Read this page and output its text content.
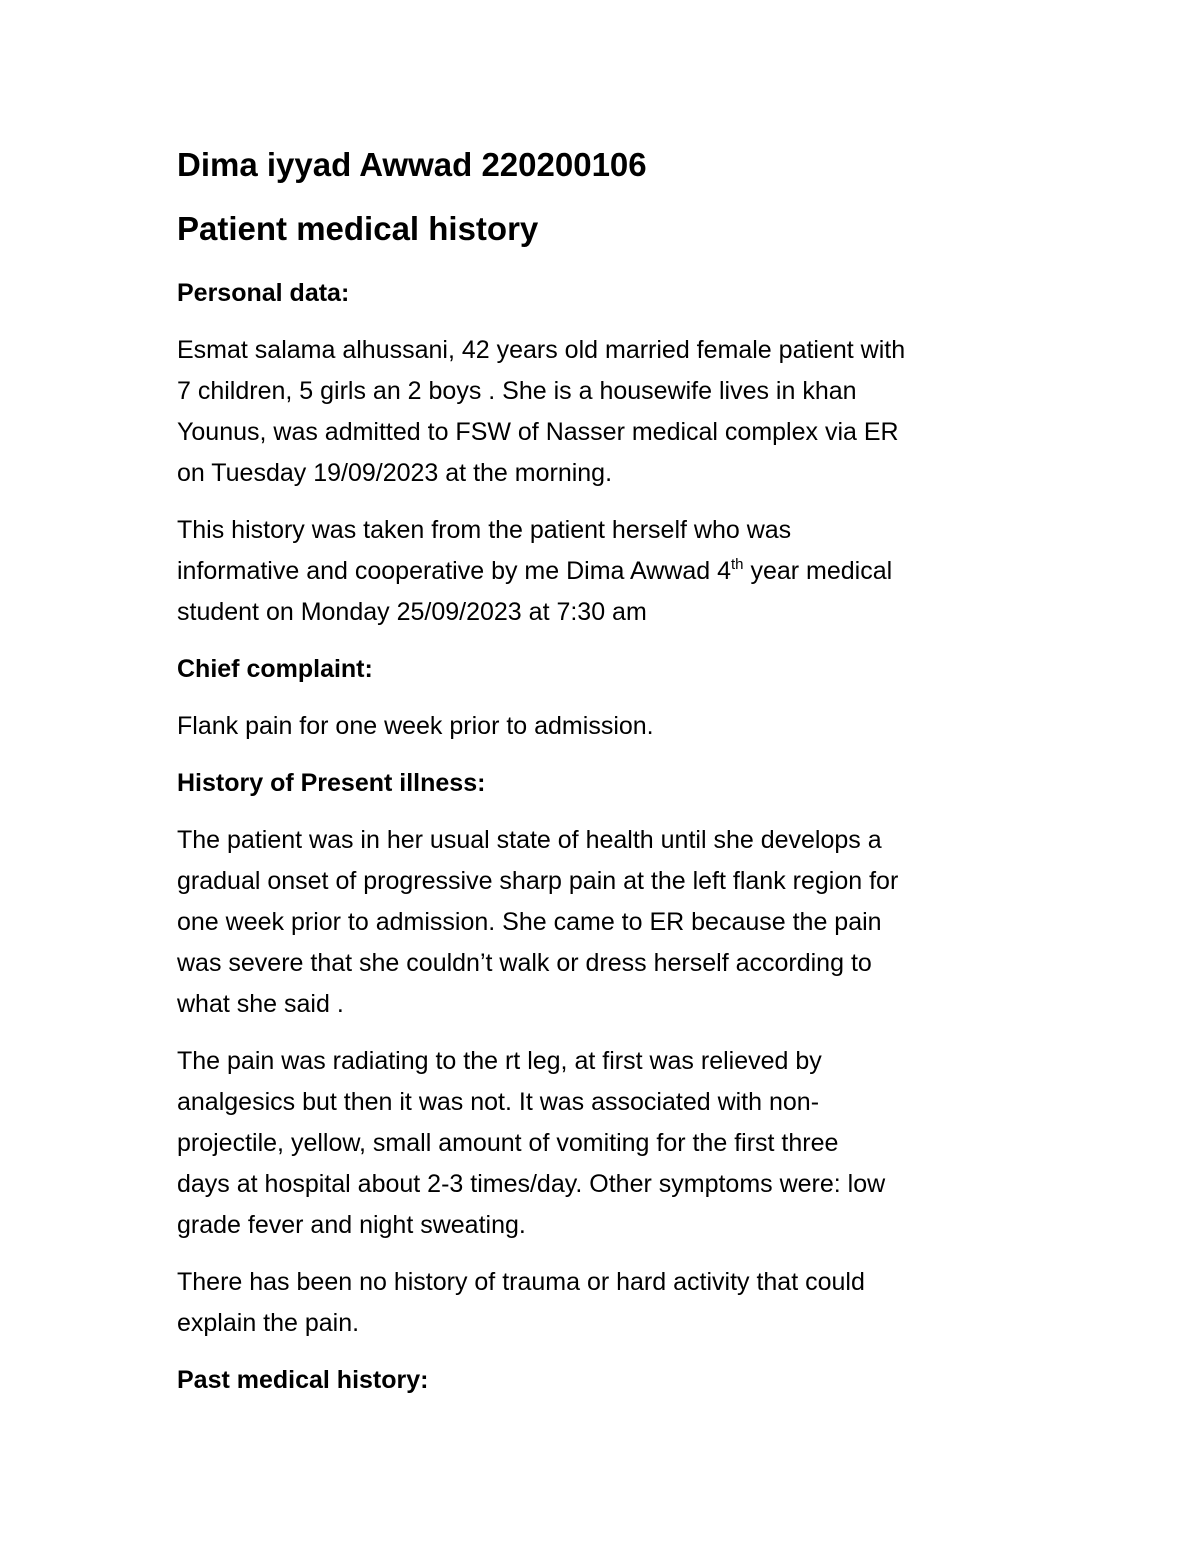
Dima iyyad Awwad 220200106
Patient medical history
Personal data:
Esmat salama alhussani, 42 years old married female patient with
7 children, 5 girls an 2 boys . She is a housewife lives in khan
Younus, was admitted to FSW of Nasser medical complex via ER
on Tuesday 19/09/2023 at the morning.
This history was taken from the patient herself who was
informative and cooperative by me Dima Awwad 4th year medical
student on Monday 25/09/2023 at 7:30 am
Chief complaint:
Flank pain for one week prior to admission.
History of Present illness:
The patient was in her usual state of health until she develops a
gradual onset of progressive sharp pain at the left flank region for
one week prior to admission. She came to ER because the pain
was severe that she couldn’t walk or dress herself according to
what she said .
The pain was radiating to the rt leg, at first was relieved by
analgesics but then it was not. It was associated with non-
projectile, yellow, small amount of vomiting for the first three
days at hospital about 2-3 times/day. Other symptoms were: low
grade fever and night sweating.
There has been no history of trauma or hard activity that could
explain the pain.
Past medical history:
